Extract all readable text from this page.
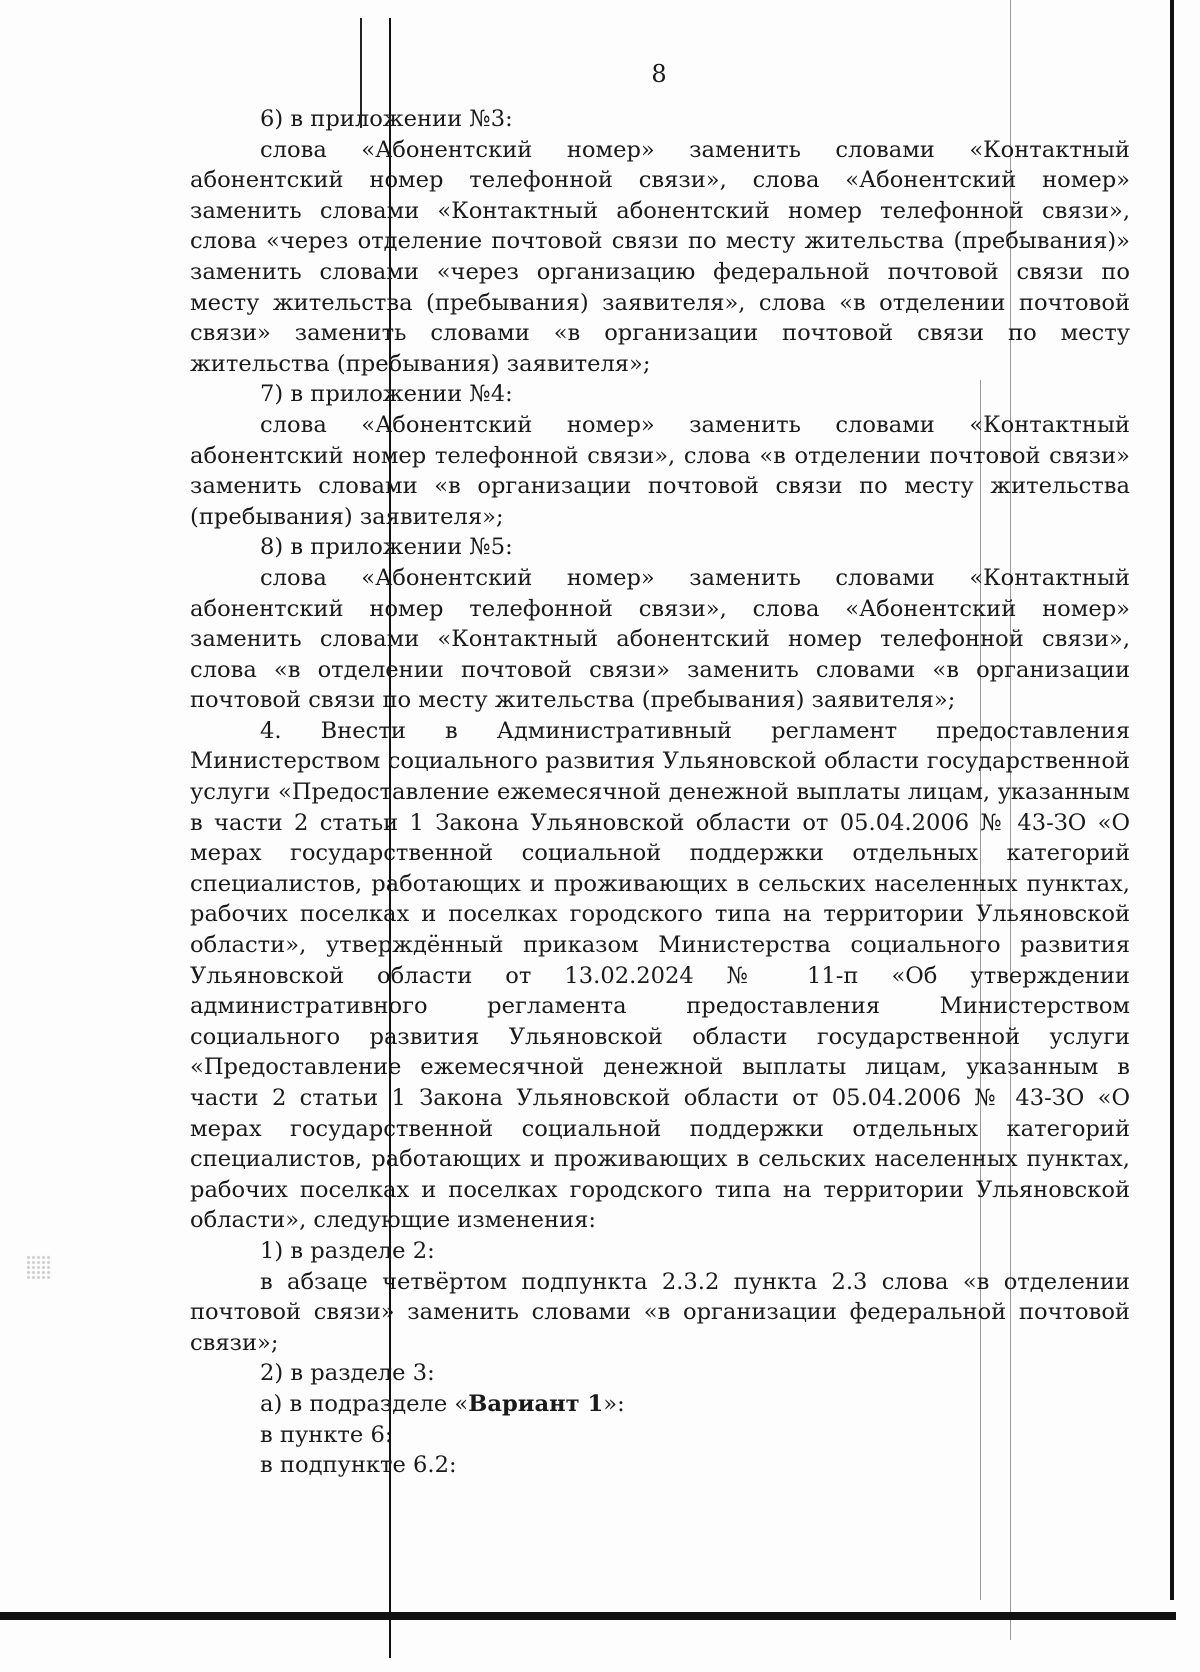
8

6) в приложении №3:

слова «Абонентский номер» заменить словами «Контактный абонентский номер телефонной связи», слова «Абонентский номер» заменить словами «Контактный абонентский номер телефонной связи», слова «через отделение почтовой связи по месту жительства (пребывания)» заменить словами «через организацию федеральной почтовой связи по месту жительства (пребывания) заявителя», слова «в отделении почтовой связи» заменить словами «в организации почтовой связи по месту жительства (пребывания) заявителя»;

7) в приложении №4:

слова «Абонентский номер» заменить словами «Контактный абонентский номер телефонной связи», слова «в отделении почтовой связи» заменить словами «в организации почтовой связи по месту жительства (пребывания) заявителя»;

8) в приложении №5:

слова «Абонентский номер» заменить словами «Контактный абонентский номер телефонной связи», слова «Абонентский номер» заменить словами «Контактный абонентский номер телефонной связи», слова «в отделении почтовой связи» заменить словами «в организации почтовой связи по месту жительства (пребывания) заявителя»;

4. Внести в Административный регламент предоставления Министерством социального развития Ульяновской области государственной услуги «Предоставление ежемесячной денежной выплаты лицам, указанным в части 2 статьи 1 Закона Ульяновской области от 05.04.2006 № 43-ЗО «О мерах государственной социальной поддержки отдельных категорий специалистов, работающих и проживающих в сельских населенных пунктах, рабочих поселках и поселках городского типа на территории Ульяновской области», утверждённый приказом Министерства социального развития Ульяновской области от 13.02.2024 № 11-п «Об утверждении административного регламента предоставления Министерством социального развития Ульяновской области государственной услуги «Предоставление ежемесячной денежной выплаты лицам, указанным в части 2 статьи 1 Закона Ульяновской области от 05.04.2006 № 43-ЗО «О мерах государственной социальной поддержки отдельных категорий специалистов, работающих и проживающих в сельских населенных пунктах, рабочих поселках и поселках городского типа на территории Ульяновской области», следующие изменения:

1) в разделе 2:

в абзаце четвёртом подпункта 2.3.2 пункта 2.3 слова «в отделении почтовой связи» заменить словами «в организации федеральной почтовой связи»;

2) в разделе 3:

а) в подразделе «Вариант 1»:

в пункте 6:

в подпункте 6.2:
